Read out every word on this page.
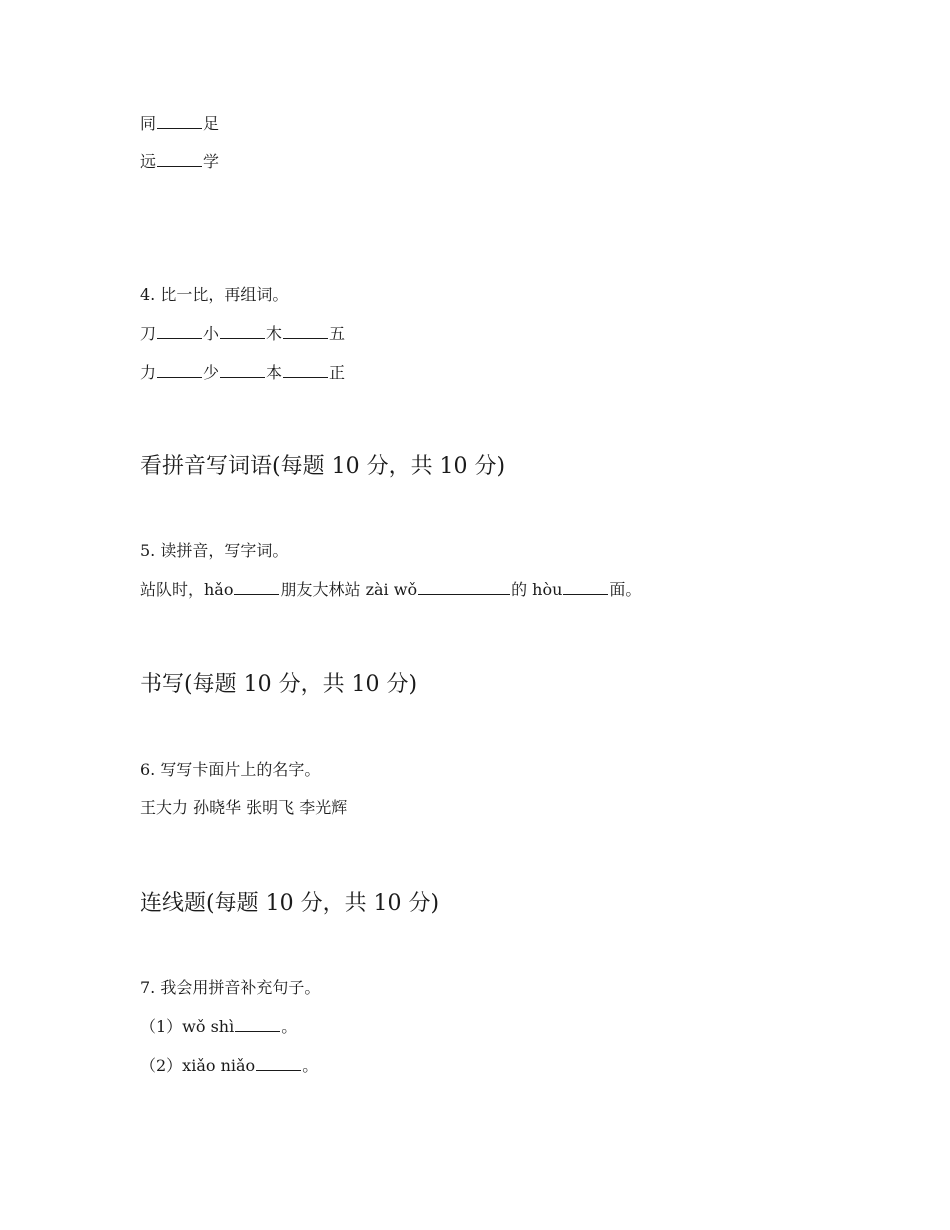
同	足
远	学
4. 比一比，再组词。
刀	小	木	五
力	少	本	正
看拼音写词语(每题 10 分，共 10 分)
5. 读拼音，写字词。
站队时，hǎo	朋友大林站 zài wǒ	的 hòu	面。
书写(每题 10 分，共 10 分)
6. 写写卡面片上的名字。
王大力 孙晓华 张明飞 李光辉
连线题(每题 10 分，共 10 分)
7. 我会用拼音补充句子。
（1）wǒ shì	。
（2）xiǎo niǎo	。
